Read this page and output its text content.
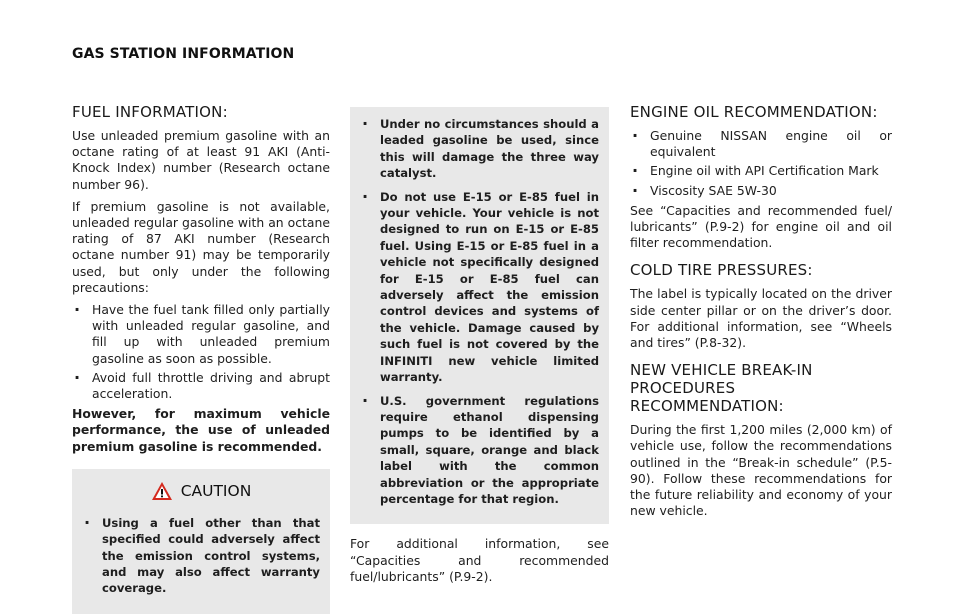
GAS STATION INFORMATION
FUEL INFORMATION:

Use unleaded premium gasoline with an octane rating of at least 91 AKI (Anti-Knock Index) number (Research octane number 96).

If premium gasoline is not available, unleaded regular gasoline with an octane rating of 87 AKI number (Research octane number 91) may be temporarily used, but only under the following precautions:

. Have the fuel tank filled only partially with unleaded regular gasoline, and fill up with unleaded premium gasoline as soon as possible.
. Avoid full throttle driving and abrupt acceleration.

However, for maximum vehicle performance, the use of unleaded premium gasoline is recommended.

CAUTION
. Using a fuel other than that specified could adversely affect the emission control systems, and may also affect warranty coverage.
. Under no circumstances should a leaded gasoline be used, since this will damage the three way catalyst.
. Do not use E-15 or E-85 fuel in your vehicle. Your vehicle is not designed to run on E-15 or E-85 fuel. Using E-15 or E-85 fuel in a vehicle not specifically designed for E-15 or E-85 fuel can adversely affect the emission control devices and systems of the vehicle. Damage caused by such fuel is not covered by the INFINITI new vehicle limited warranty.
. U.S. government regulations require ethanol dispensing pumps to be identified by a small, square, orange and black label with the common abbreviation or the appropriate percentage for that region.

For additional information, see “Capacities and recommended fuel/lubricants” (P.9-2).

ENGINE OIL RECOMMENDATION:
. Genuine NISSAN engine oil or equivalent
. Engine oil with API Certification Mark
. Viscosity SAE 5W-30

See “Capacities and recommended fuel/ lubricants” (P.9-2) for engine oil and oil filter recommendation.

COLD TIRE PRESSURES:

The label is typically located on the driver side center pillar or on the driver’s door. For additional information, see “Wheels and tires” (P.8-32).

NEW VEHICLE BREAK-IN PROCEDURES RECOMMENDATION:

During the first 1,200 miles (2,000 km) of vehicle use, follow the recommendations outlined in the “Break-in schedule” (P.5-90). Follow these recommendations for the future reliability and economy of your new vehicle.
